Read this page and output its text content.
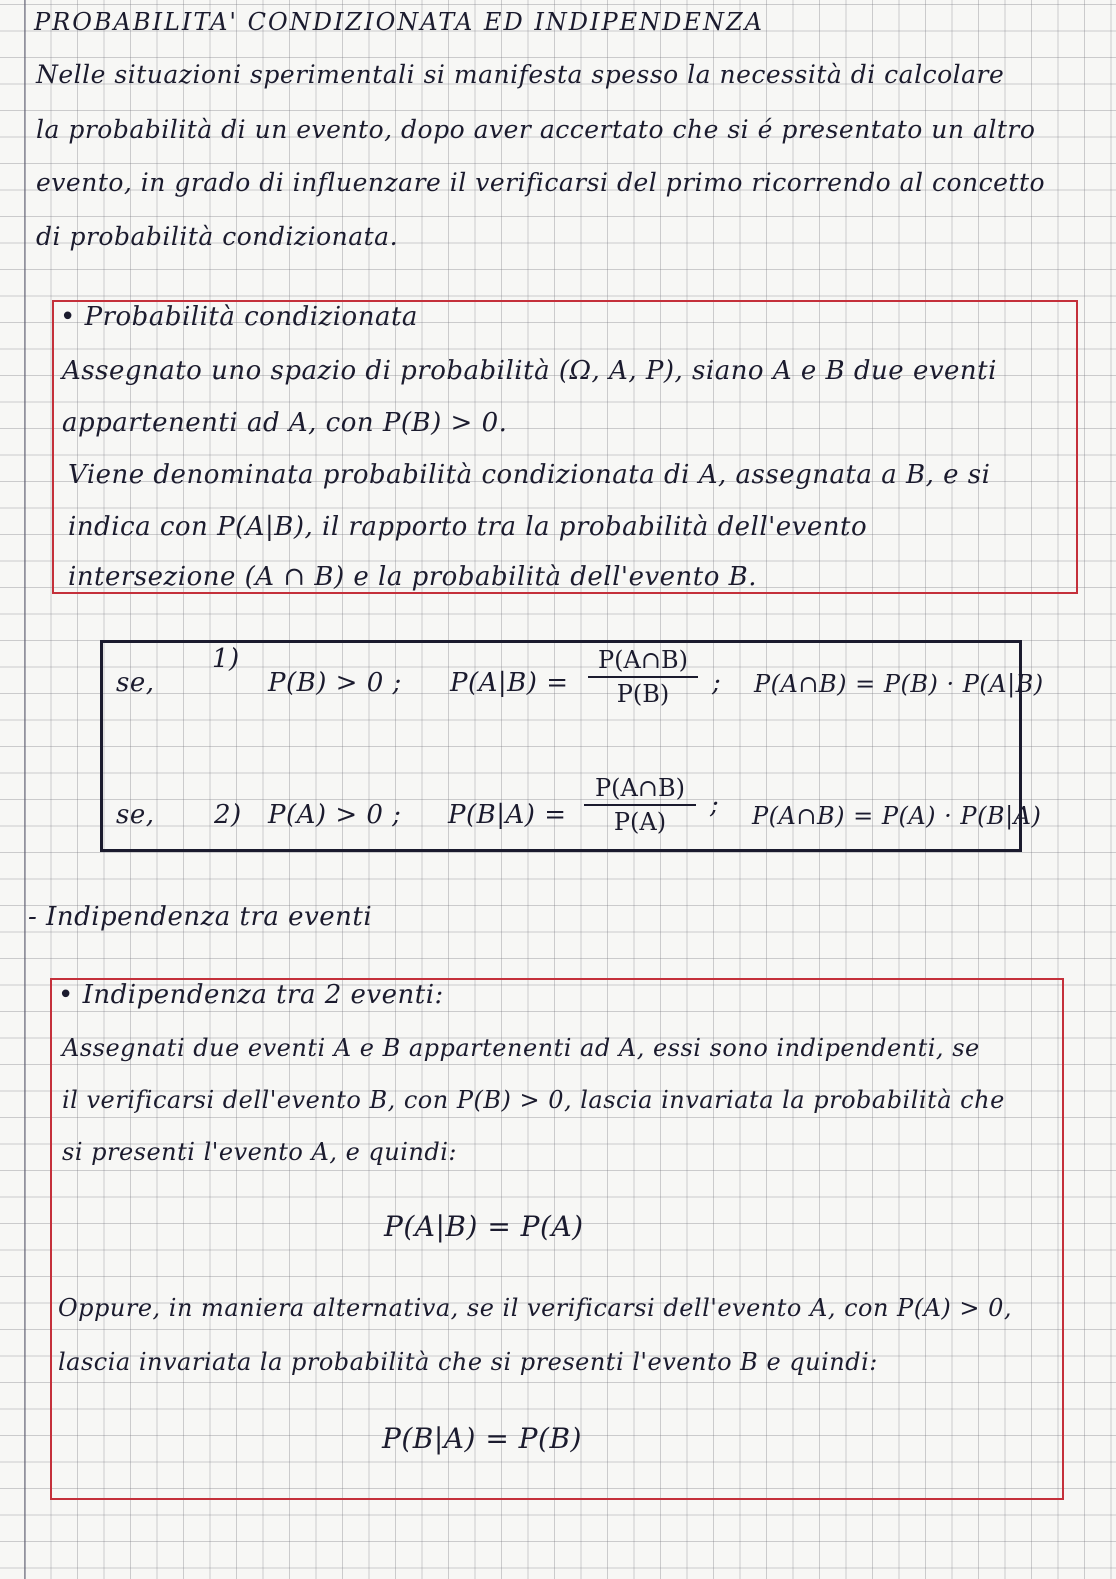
PROBABILITA' CONDIZIONATA ED INDIPENDENZA
Nelle situazioni sperimentali si manifesta spesso la necessità di calcolare
la probabilità di un evento, dopo aver accertato che si é presentato un altro
evento, in grado di influenzare il verificarsi del primo ricorrendo al concetto
di probabilità condizionata.
• Probabilità condizionata
Assegnato uno spazio di probabilità (Ω, A, P), siano A e B due eventi
appartenenti ad A, con P(B) > 0.
Viene denominata probabilità condizionata di A, assegnata a B, e si
indica con P(A|B), il rapporto tra la probabilità dell'evento
intersezione (A ∩ B) e la probabilità dell'evento B.
se,
1)
P(B) > 0 ; P(A|B) =
P(A∩B)
P(B)	; P(A∩B) = P(B) · P(A|B)
se, 2) P(A) > 0 ; P(B|A) =
P(A∩B)
P(A)
; P(A∩B) = P(A) · P(B|A)
- Indipendenza tra eventi
• Indipendenza tra 2 eventi:
Assegnati due eventi A e B appartenenti ad A, essi sono indipendenti, se
il verificarsi dell'evento B, con P(B) > 0, lascia invariata la probabilità che
si presenti l'evento A, e quindi:
P(A|B) = P(A)
Oppure, in maniera alternativa, se il verificarsi dell'evento A, con P(A) > 0,
lascia invariata la probabilità che si presenti l'evento B e quindi:
P(B|A) = P(B)
